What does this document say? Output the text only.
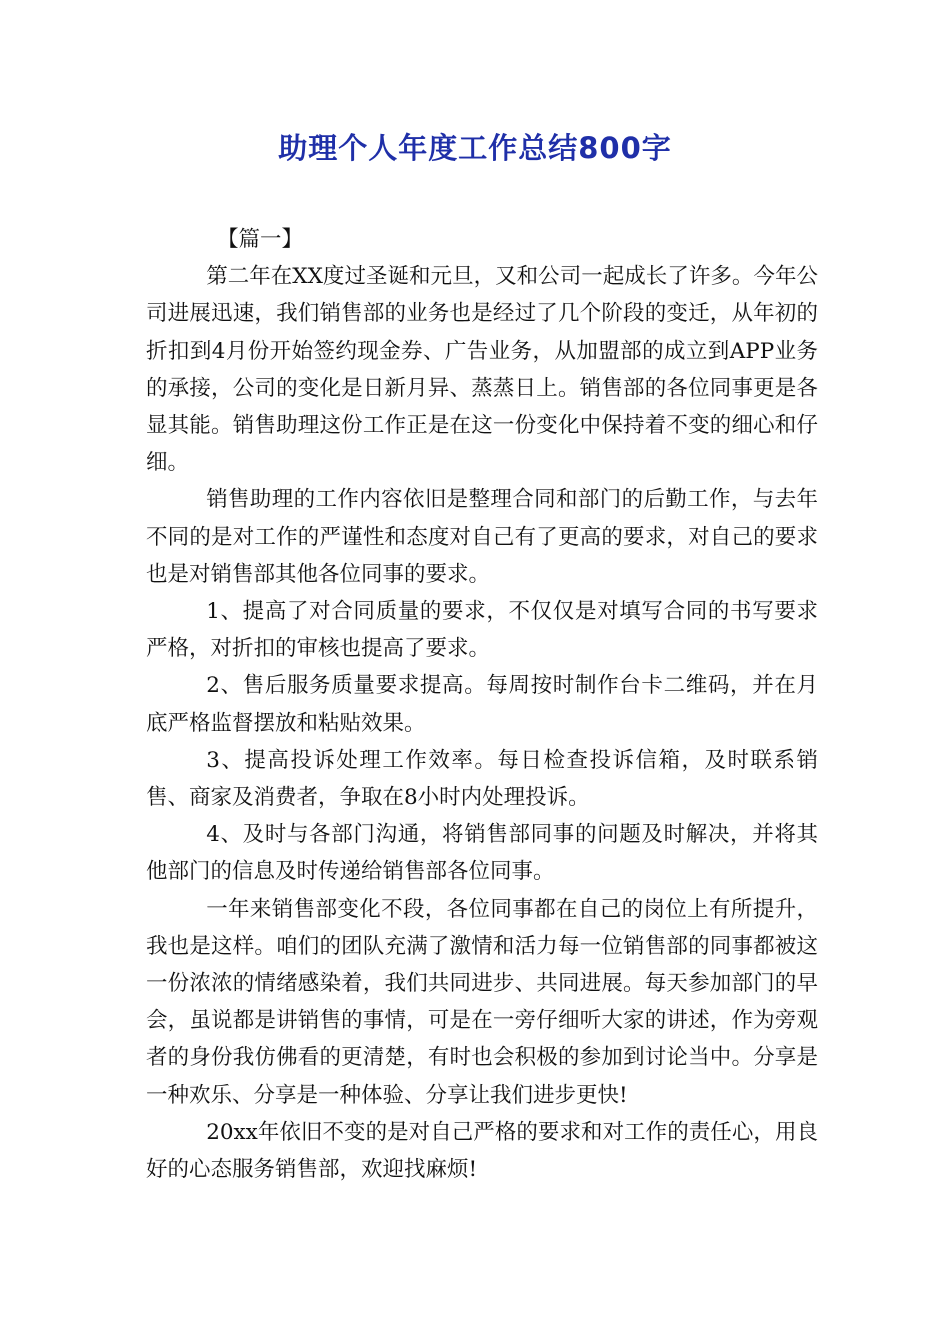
助理个人年度工作总结800字

【篇一】

第二年在XX度过圣诞和元旦，又和公司一起成长了许多。今年公司进展迅速，我们销售部的业务也是经过了几个阶段的变迁，从年初的折扣到4月份开始签约现金券、广告业务，从加盟部的成立到APP业务的承接，公司的变化是日新月异、蒸蒸日上。销售部的各位同事更是各显其能。销售助理这份工作正是在这一份变化中保持着不变的细心和仔细。

销售助理的工作内容依旧是整理合同和部门的后勤工作，与去年不同的是对工作的严谨性和态度对自己有了更高的要求，对自己的要求也是对销售部其他各位同事的要求。

1、提高了对合同质量的要求，不仅仅是对填写合同的书写要求严格，对折扣的审核也提高了要求。

2、售后服务质量要求提高。每周按时制作台卡二维码，并在月底严格监督摆放和粘贴效果。

3、提高投诉处理工作效率。每日检查投诉信箱，及时联系销售、商家及消费者，争取在8小时内处理投诉。

4、及时与各部门沟通，将销售部同事的问题及时解决，并将其他部门的信息及时传递给销售部各位同事。

一年来销售部变化不段，各位同事都在自己的岗位上有所提升，我也是这样。咱们的团队充满了激情和活力每一位销售部的同事都被这一份浓浓的情绪感染着，我们共同进步、共同进展。每天参加部门的早会，虽说都是讲销售的事情，可是在一旁仔细听大家的讲述，作为旁观者的身份我仿佛看的更清楚，有时也会积极的参加到讨论当中。分享是一种欢乐、分享是一种体验、分享让我们进步更快!

20xx年依旧不变的是对自己严格的要求和对工作的责任心，用良好的心态服务销售部，欢迎找麻烦!
